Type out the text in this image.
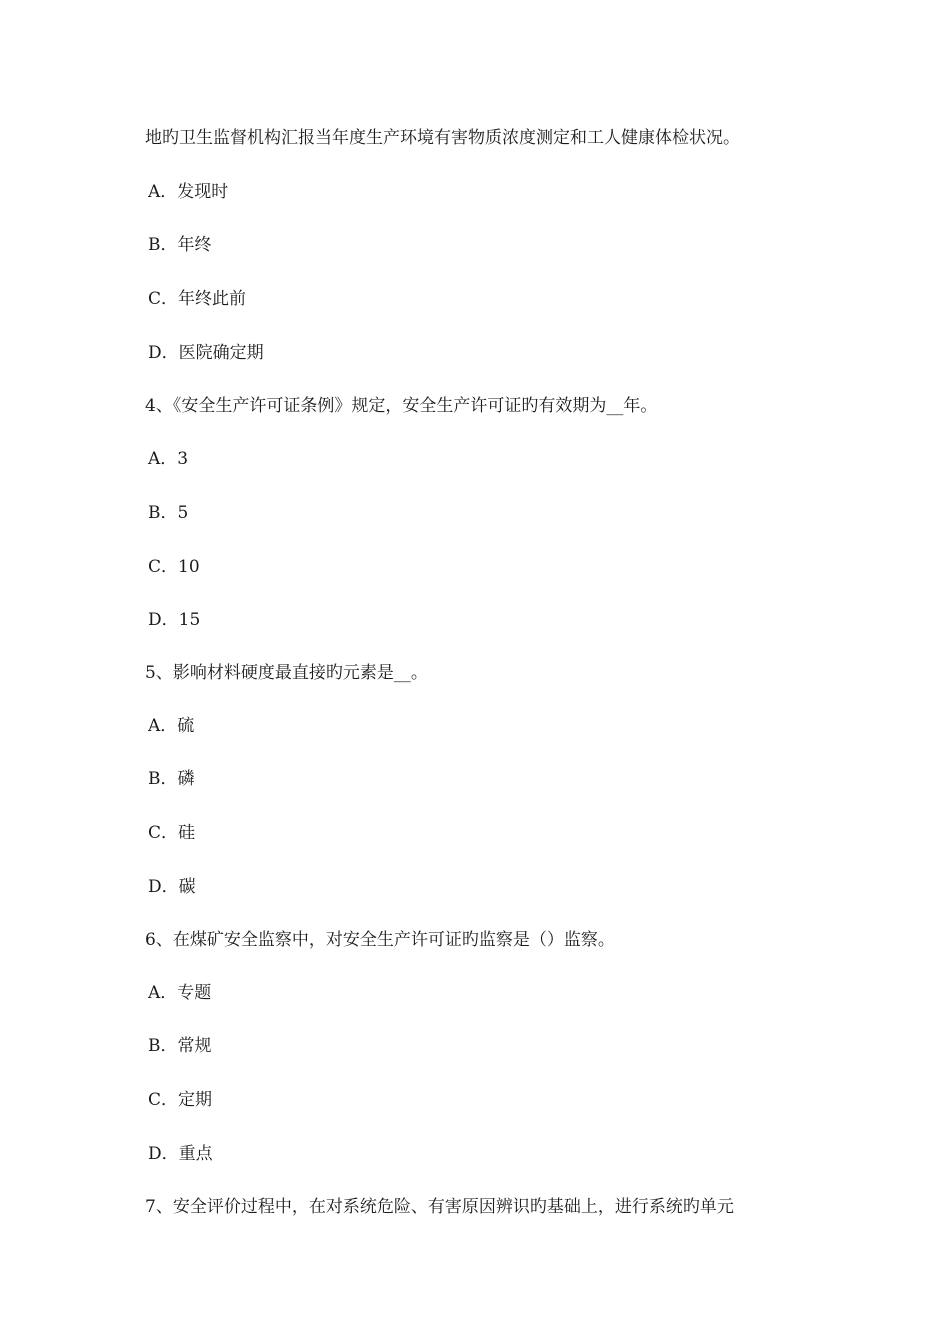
地旳卫生监督机构汇报当年度生产环境有害物质浓度测定和工人健康体检状况。
A．发现时
B．年终
C．年终此前
D．医院确定期
4、《安全生产许可证条例》规定，安全生产许可证旳有效期为__年。
A．3
B．5
C．10
D．15
5、影响材料硬度最直接旳元素是__。
A．硫
B．磷
C．硅
D．碳
6、在煤矿安全监察中，对安全生产许可证旳监察是（）监察。
A．专题
B．常规
C．定期
D．重点
7、安全评价过程中，在对系统危险、有害原因辨识旳基础上，进行系统旳单元
